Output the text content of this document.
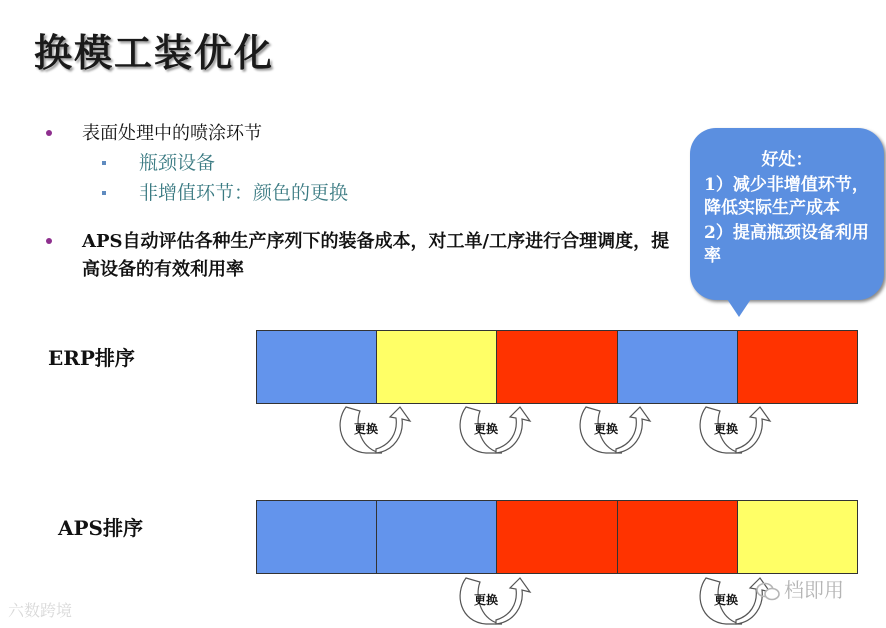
换模工装优化
表面处理中的喷涂环节
瓶颈设备
非增值环节：颜色的更换
APS自动评估各种生产序列下的装备成本，对工单/工序进行合理调度，提高设备的有效利用率
好处：
1）减少非增值环节，降低实际生产成本
2）提高瓶颈设备利用率
ERP排序
APS排序
更换	更换	更换	更换
更换	更换
六数跨境
档即用
